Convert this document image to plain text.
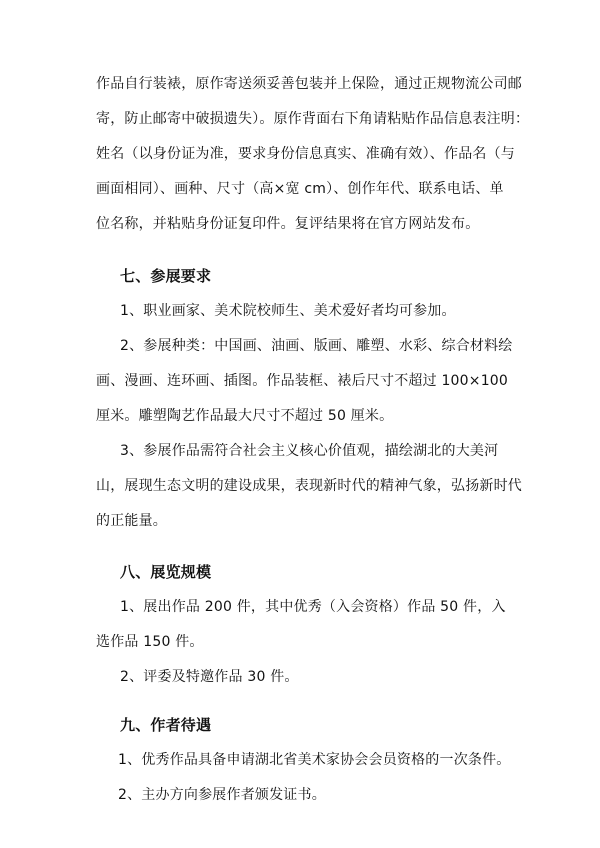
作品自行装裱，原作寄送须妥善包装并上保险，通过正规物流公司邮
寄，防止邮寄中破损遗失）。原作背面右下角请粘贴作品信息表注明：
姓名（以身份证为准，要求身份信息真实、准确有效）、作品名（与
画面相同）、画种、尺寸（高×宽 cm）、创作年代、联系电话、单
位名称，并粘贴身份证复印件。复评结果将在官方网站发布。
七、参展要求
1、职业画家、美术院校师生、美术爱好者均可参加。
2、参展种类：中国画、油画、版画、雕塑、水彩、综合材料绘
画、漫画、连环画、插图。作品装框、裱后尺寸不超过 100×100
厘米。雕塑陶艺作品最大尺寸不超过 50 厘米。
3、参展作品需符合社会主义核心价值观，描绘湖北的大美河
山，展现生态文明的建设成果，表现新时代的精神气象，弘扬新时代
的正能量。
八、展览规模
1、展出作品 200 件，其中优秀（入会资格）作品 50 件，入
选作品 150 件。
2、评委及特邀作品 30 件。
九、作者待遇
1、优秀作品具备申请湖北省美术家协会会员资格的一次条件。
2、主办方向参展作者颁发证书。
